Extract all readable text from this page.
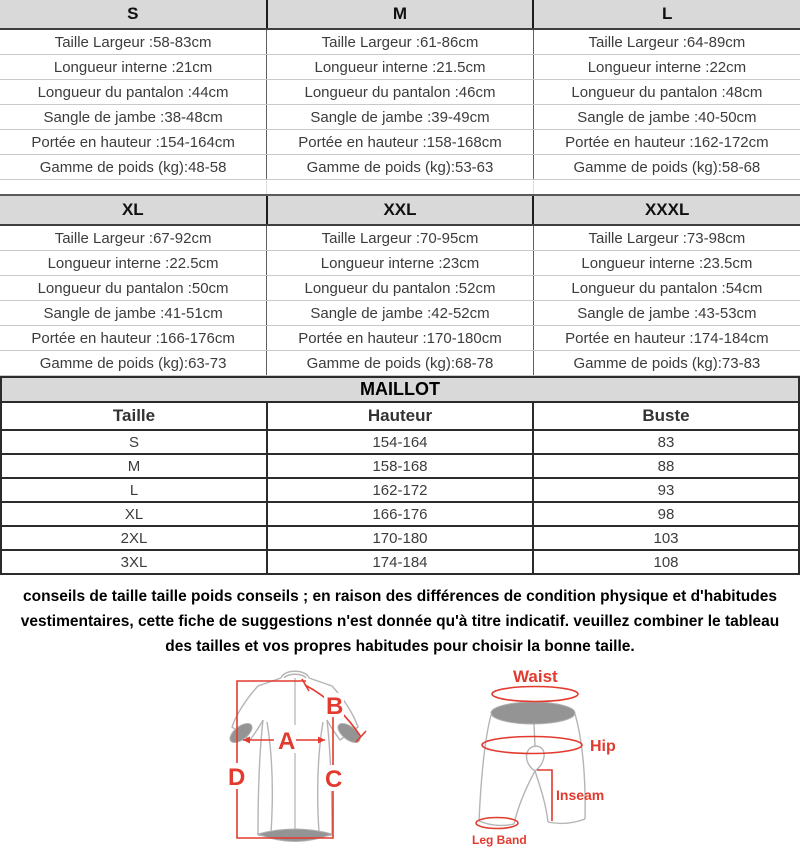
S	M	L
Taille Largeur :58-83cm	Taille Largeur :61-86cm	Taille Largeur :64-89cm
Longueur interne :21cm	Longueur interne :21.5cm	Longueur interne :22cm
Longueur du pantalon :44cm	Longueur du pantalon :46cm	Longueur du pantalon :48cm
Sangle de jambe :38-48cm	Sangle de jambe :39-49cm	Sangle de jambe :40-50cm
Portée en hauteur :154-164cm	Portée en hauteur :158-168cm	Portée en hauteur :162-172cm
Gamme de poids (kg):48-58	Gamme de poids (kg):53-63	Gamme de poids (kg):58-68
XL	XXL	XXXL
Taille Largeur :67-92cm	Taille Largeur :70-95cm	Taille Largeur :73-98cm
Longueur interne :22.5cm	Longueur interne :23cm	Longueur interne :23.5cm
Longueur du pantalon :50cm	Longueur du pantalon :52cm	Longueur du pantalon :54cm
Sangle de jambe :41-51cm	Sangle de jambe :42-52cm	Sangle de jambe :43-53cm
Portée en hauteur :166-176cm	Portée en hauteur :170-180cm	Portée en hauteur :174-184cm
Gamme de poids (kg):63-73	Gamme de poids (kg):68-78	Gamme de poids (kg):73-83
MAILLOT		
Taille	Hauteur	Buste
S	154-164	83
M	158-168	88
L	162-172	93
XL	166-176	98
2XL	170-180	103
3XL	174-184	108

conseils de taille taille poids conseils ; en raison des différences de condition physique et d'habitudes vestimentaires, cette fiche de suggestions n'est donnée qu'à titre indicatif. veuillez combiner le tableau des tailles et vos propres habitudes pour choisir la bonne taille.

A
B
C
D
Waist
Hip
Inseam
Leg Band
